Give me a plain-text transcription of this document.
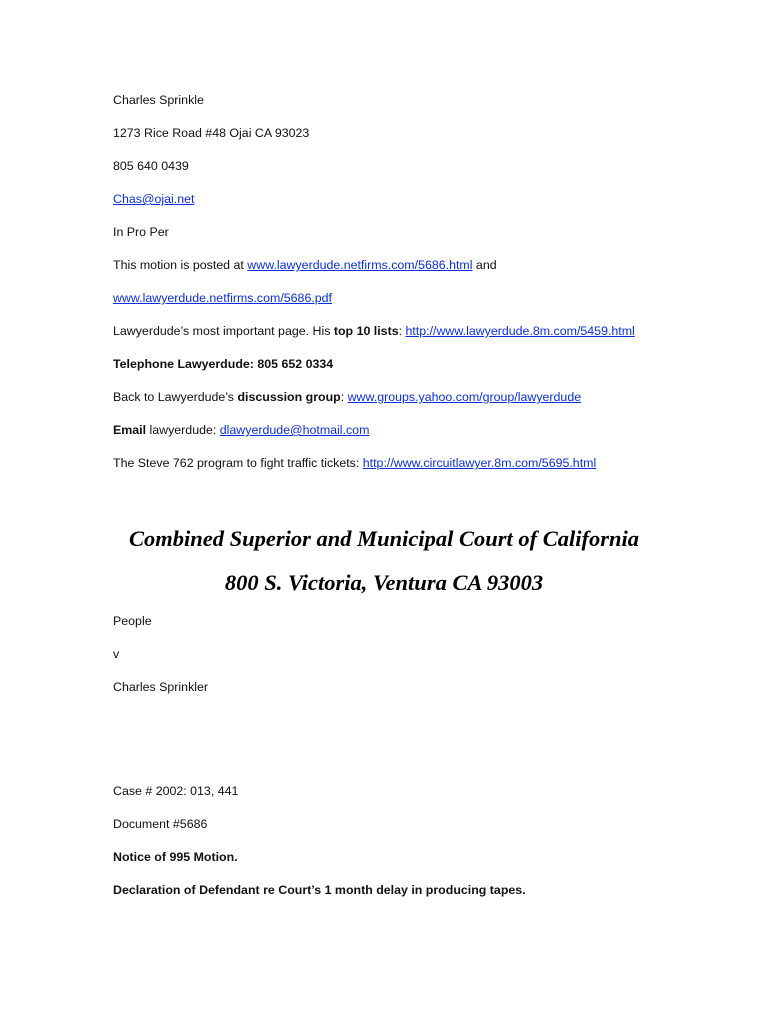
Charles Sprinkle
1273 Rice Road #48 Ojai CA 93023
805 640 0439
Chas@ojai.net
In Pro Per
This motion is posted at www.lawyerdude.netfirms.com/5686.html and
www.lawyerdude.netfirms.com/5686.pdf
Lawyerdude’s most important page. His top 10 lists: http://www.lawyerdude.8m.com/5459.html
Telephone Lawyerdude: 805 652 0334
Back to Lawyerdude’s discussion group: www.groups.yahoo.com/group/lawyerdude
Email lawyerdude: dlawyerdude@hotmail.com
The Steve 762 program to fight traffic tickets: http://www.circuitlawyer.8m.com/5695.html
Combined Superior and Municipal Court of California
800 S. Victoria, Ventura CA 93003
People
v
Charles Sprinkler
Case # 2002: 013, 441
Document #5686
Notice of 995 Motion.
Declaration of Defendant re Court’s 1 month delay in producing tapes.
